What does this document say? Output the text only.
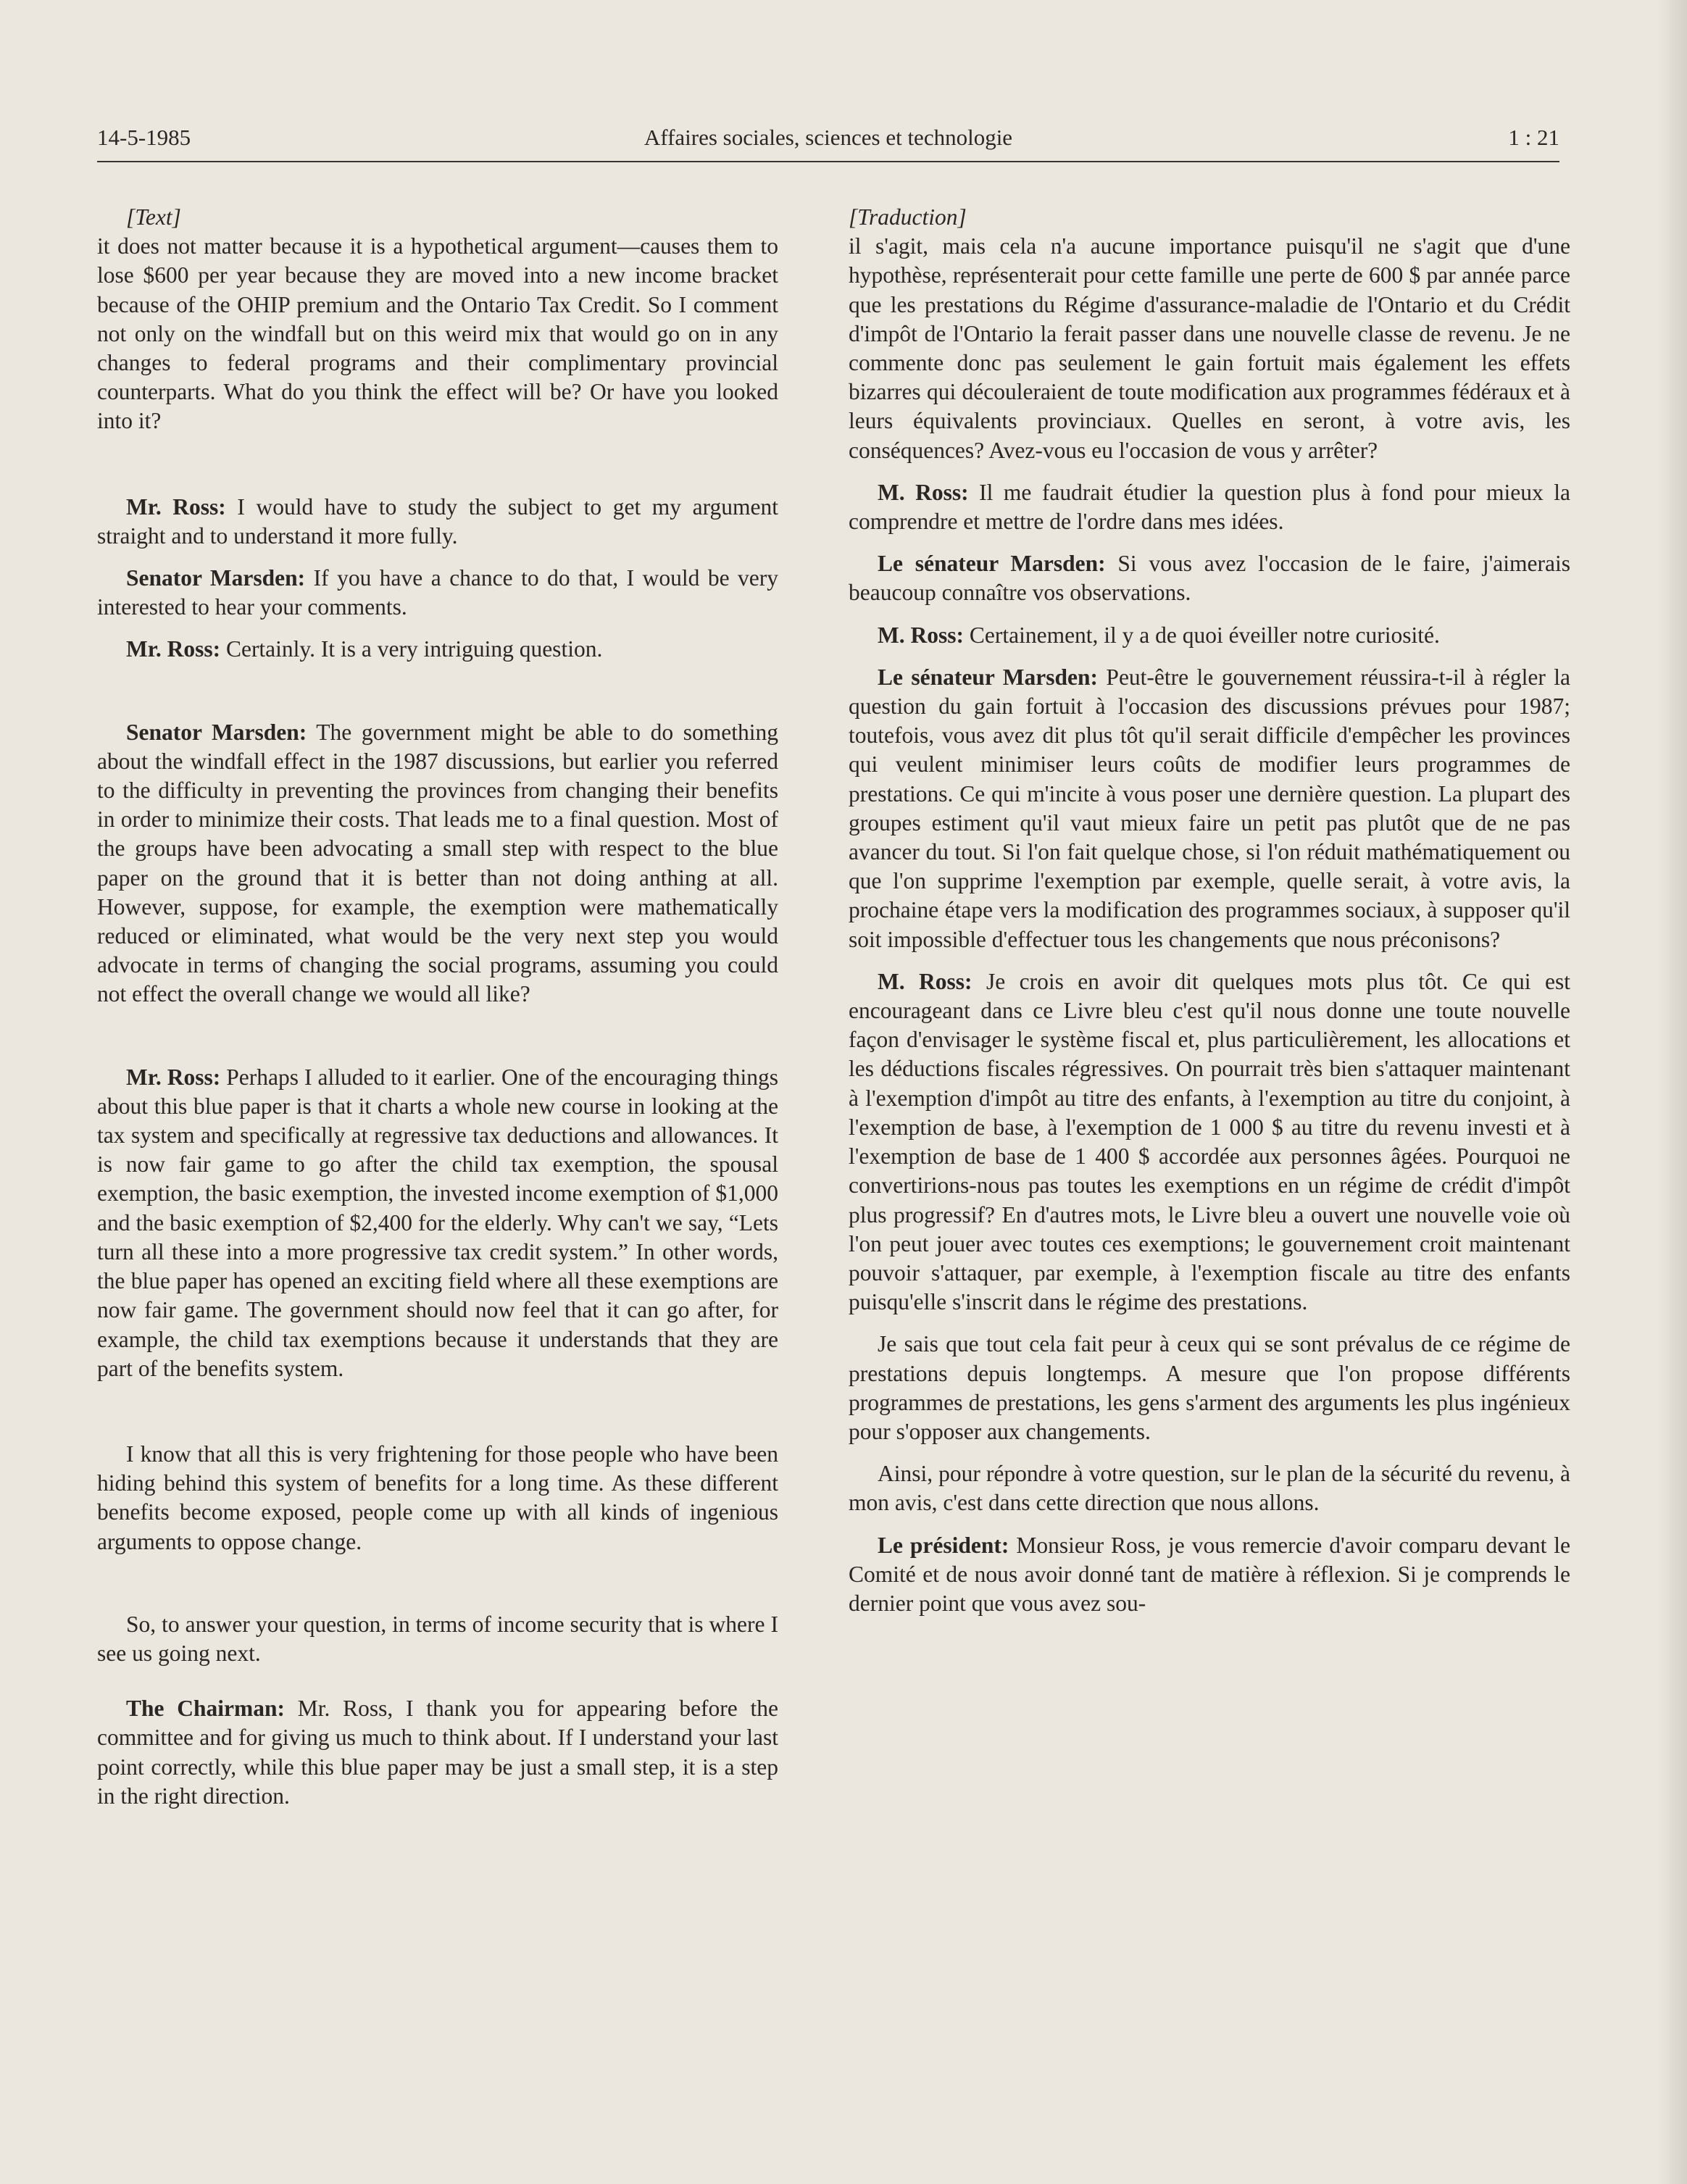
14-5-1985	Affaires sociales, sciences et technologie	1 : 21

[Text]

it does not matter because it is a hypothetical argument—causes them to lose $600 per year because they are moved into a new income bracket because of the OHIP premium and the Ontario Tax Credit. So I comment not only on the windfall but on this weird mix that would go on in any changes to federal programs and their complimentary provincial counterparts. What do you think the effect will be? Or have you looked into it?

Mr. Ross: I would have to study the subject to get my argument straight and to understand it more fully.

Senator Marsden: If you have a chance to do that, I would be very interested to hear your comments.

Mr. Ross: Certainly. It is a very intriguing question.

Senator Marsden: The government might be able to do something about the windfall effect in the 1987 discussions, but earlier you referred to the difficulty in preventing the provinces from changing their benefits in order to minimize their costs. That leads me to a final question. Most of the groups have been advocating a small step with respect to the blue paper on the ground that it is better than not doing anthing at all. However, suppose, for example, the exemption were mathematically reduced or eliminated, what would be the very next step you would advocate in terms of changing the social programs, assuming you could not effect the overall change we would all like?

Mr. Ross: Perhaps I alluded to it earlier. One of the encouraging things about this blue paper is that it charts a whole new course in looking at the tax system and specifically at regressive tax deductions and allowances. It is now fair game to go after the child tax exemption, the spousal exemption, the basic exemption, the invested income exemption of $1,000 and the basic exemption of $2,400 for the elderly. Why can't we say, “Lets turn all these into a more progressive tax credit system.” In other words, the blue paper has opened an exciting field where all these exemptions are now fair game. The government should now feel that it can go after, for example, the child tax exemptions because it understands that they are part of the benefits system.

I know that all this is very frightening for those people who have been hiding behind this system of benefits for a long time. As these different benefits become exposed, people come up with all kinds of ingenious arguments to oppose change.

So, to answer your question, in terms of income security that is where I see us going next.

The Chairman: Mr. Ross, I thank you for appearing before the committee and for giving us much to think about. If I understand your last point correctly, while this blue paper may be just a small step, it is a step in the right direction.

[Traduction]

il s'agit, mais cela n'a aucune importance puisqu'il ne s'agit que d'une hypothèse, représenterait pour cette famille une perte de 600 $ par année parce que les prestations du Régime d'assurance-maladie de l'Ontario et du Crédit d'impôt de l'Ontario la ferait passer dans une nouvelle classe de revenu. Je ne commente donc pas seulement le gain fortuit mais également les effets bizarres qui découleraient de toute modification aux programmes fédéraux et à leurs équivalents provinciaux. Quelles en seront, à votre avis, les conséquences? Avez-vous eu l'occasion de vous y arrêter?

M. Ross: Il me faudrait étudier la question plus à fond pour mieux la comprendre et mettre de l'ordre dans mes idées.

Le sénateur Marsden: Si vous avez l'occasion de le faire, j'aimerais beaucoup connaître vos observations.

M. Ross: Certainement, il y a de quoi éveiller notre curiosité.

Le sénateur Marsden: Peut-être le gouvernement réussira-t-il à régler la question du gain fortuit à l'occasion des discussions prévues pour 1987; toutefois, vous avez dit plus tôt qu'il serait difficile d'empêcher les provinces qui veulent minimiser leurs coûts de modifier leurs programmes de prestations. Ce qui m'incite à vous poser une dernière question. La plupart des groupes estiment qu'il vaut mieux faire un petit pas plutôt que de ne pas avancer du tout. Si l'on fait quelque chose, si l'on réduit mathématiquement ou que l'on supprime l'exemption par exemple, quelle serait, à votre avis, la prochaine étape vers la modification des programmes sociaux, à supposer qu'il soit impossible d'effectuer tous les changements que nous préconisons?

M. Ross: Je crois en avoir dit quelques mots plus tôt. Ce qui est encourageant dans ce Livre bleu c'est qu'il nous donne une toute nouvelle façon d'envisager le système fiscal et, plus particulièrement, les allocations et les déductions fiscales régressives. On pourrait très bien s'attaquer maintenant à l'exemption d'impôt au titre des enfants, à l'exemption au titre du conjoint, à l'exemption de base, à l'exemption de 1 000 $ au titre du revenu investi et à l'exemption de base de 1 400 $ accordée aux personnes âgées. Pourquoi ne convertirions-nous pas toutes les exemptions en un régime de crédit d'impôt plus progressif? En d'autres mots, le Livre bleu a ouvert une nouvelle voie où l'on peut jouer avec toutes ces exemptions; le gouvernement croit maintenant pouvoir s'attaquer, par exemple, à l'exemption fiscale au titre des enfants puisqu'elle s'inscrit dans le régime des prestations.

Je sais que tout cela fait peur à ceux qui se sont prévalus de ce régime de prestations depuis longtemps. A mesure que l'on propose différents programmes de prestations, les gens s'arment des arguments les plus ingénieux pour s'opposer aux changements.

Ainsi, pour répondre à votre question, sur le plan de la sécurité du revenu, à mon avis, c'est dans cette direction que nous allons.

Le président: Monsieur Ross, je vous remercie d'avoir comparu devant le Comité et de nous avoir donné tant de matière à réflexion. Si je comprends le dernier point que vous avez sou-
